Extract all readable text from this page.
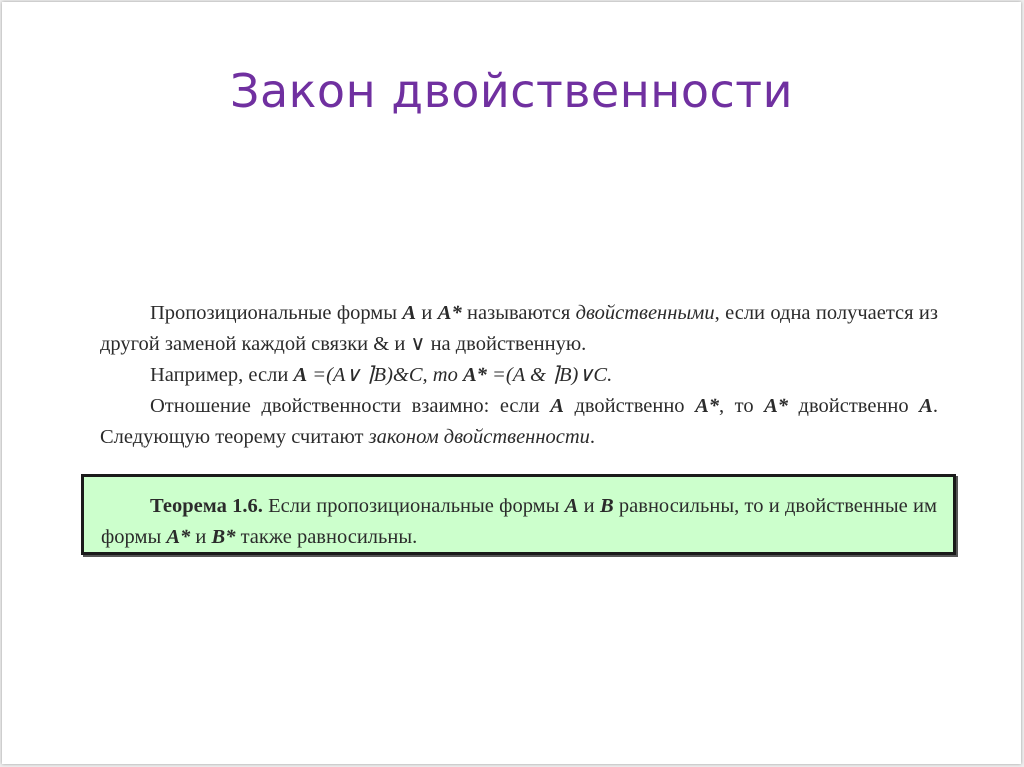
Закон двойственности

Пропозициональные формы A и A* называются двойственными, если одна получается из другой заменой каждой связки & и ∨ на двойственную.

Например, если A =(A∨ ⌉B)&C, то A* =(A & ⌉B)∨C.

Отношение двойственности взаимно: если A двойственно A*, то A* двойственно A. Следующую теорему считают законом двойственности.

Теорема 1.6. Если пропозициональные формы A и B равносильны, то и двойственные им формы A* и B* также равносильны.
